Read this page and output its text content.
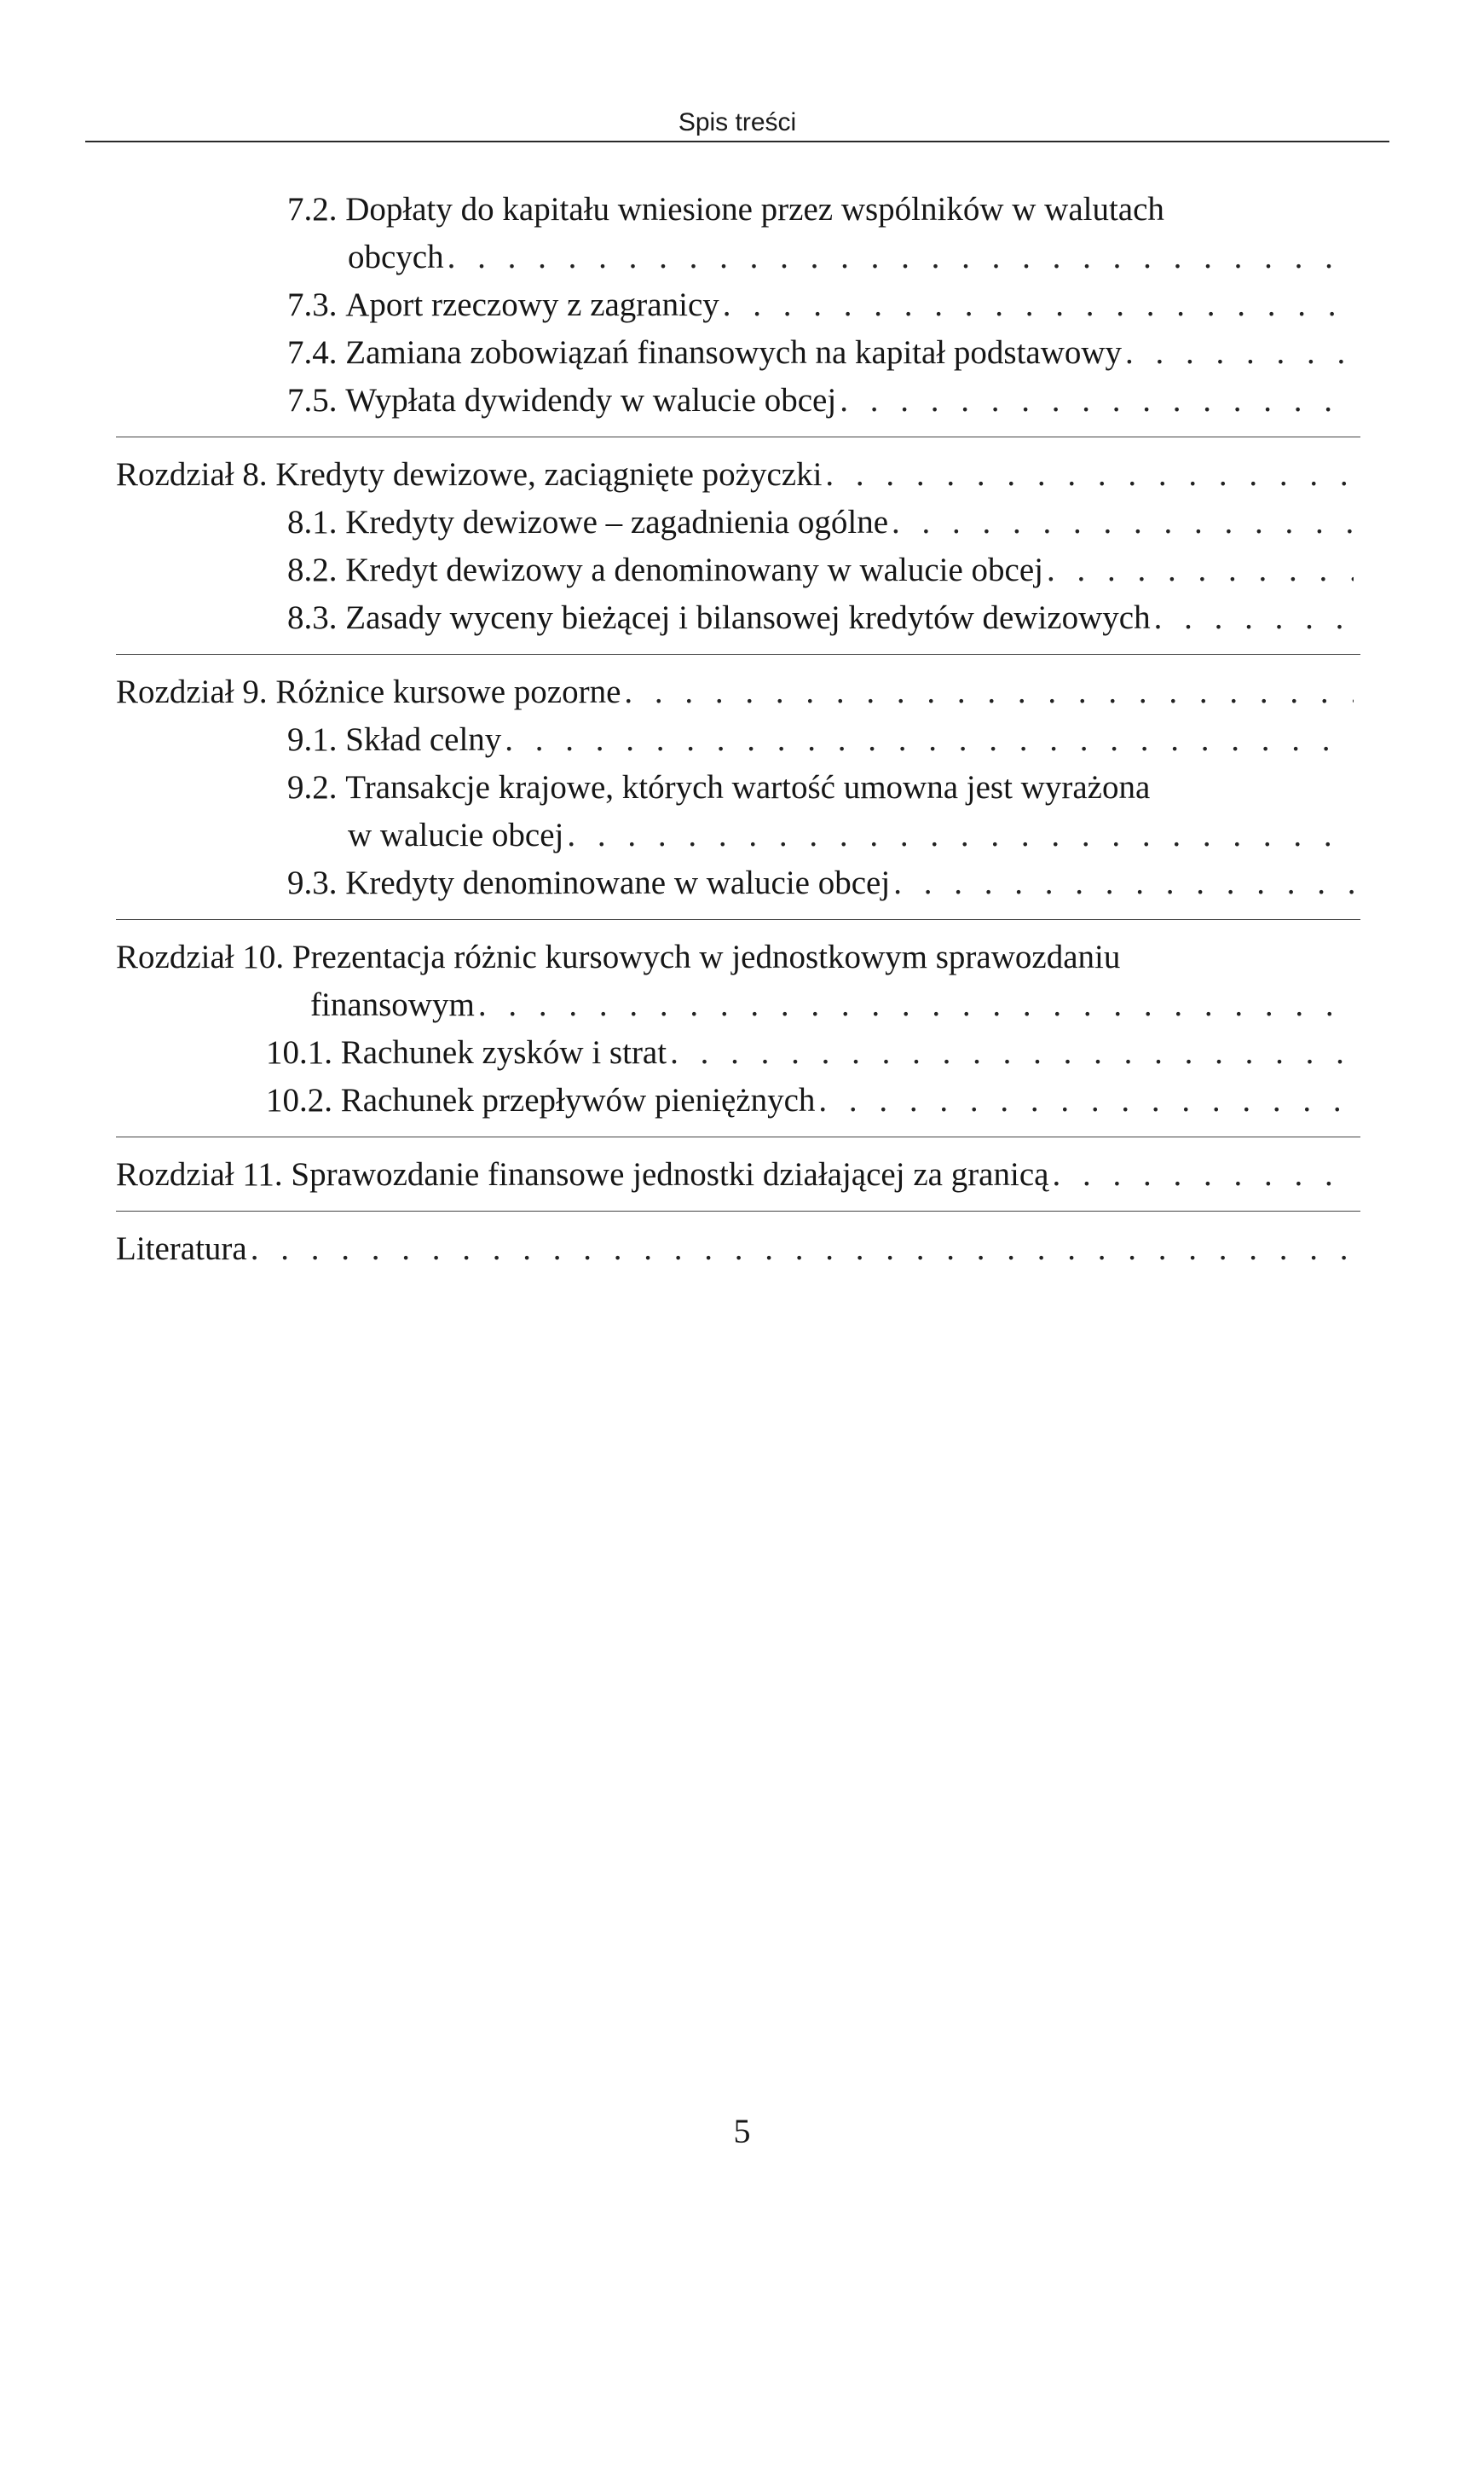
Spis treści
7.2. Dopłaty do kapitału wniesione przez wspólników w walutach
obcych
. . .
7.3. Aport rzeczowy z zagranicy
. . .
7.4. Zamiana zobowiązań finansowych na kapitał podstawowy
. . .
7.5. Wypłata dywidendy w walucie obcej
. . .
Rozdział 8. Kredyty dewizowe, zaciągnięte pożyczki
. . .
8.1. Kredyty dewizowe – zagadnienia ogólne
. . .
8.2. Kredyt dewizowy a denominowany w walucie obcej
. . .
8.3. Zasady wyceny bieżącej i bilansowej kredytów dewizowych
. . .
Rozdział 9. Różnice kursowe pozorne
. . .
9.1. Skład celny
. . .
9.2. Transakcje krajowe, których wartość umowna jest wyrażona
w walucie obcej
. . .
9.3. Kredyty denominowane w walucie obcej
. . .
Rozdział 10. Prezentacja różnic kursowych w jednostkowym sprawozdaniu
finansowym
. . .
10.1. Rachunek zysków i strat
. . .
10.2. Rachunek przepływów pieniężnych
. . .
Rozdział 11. Sprawozdanie finansowe jednostki działającej za granicą
. . .
Literatura
. . .
5
